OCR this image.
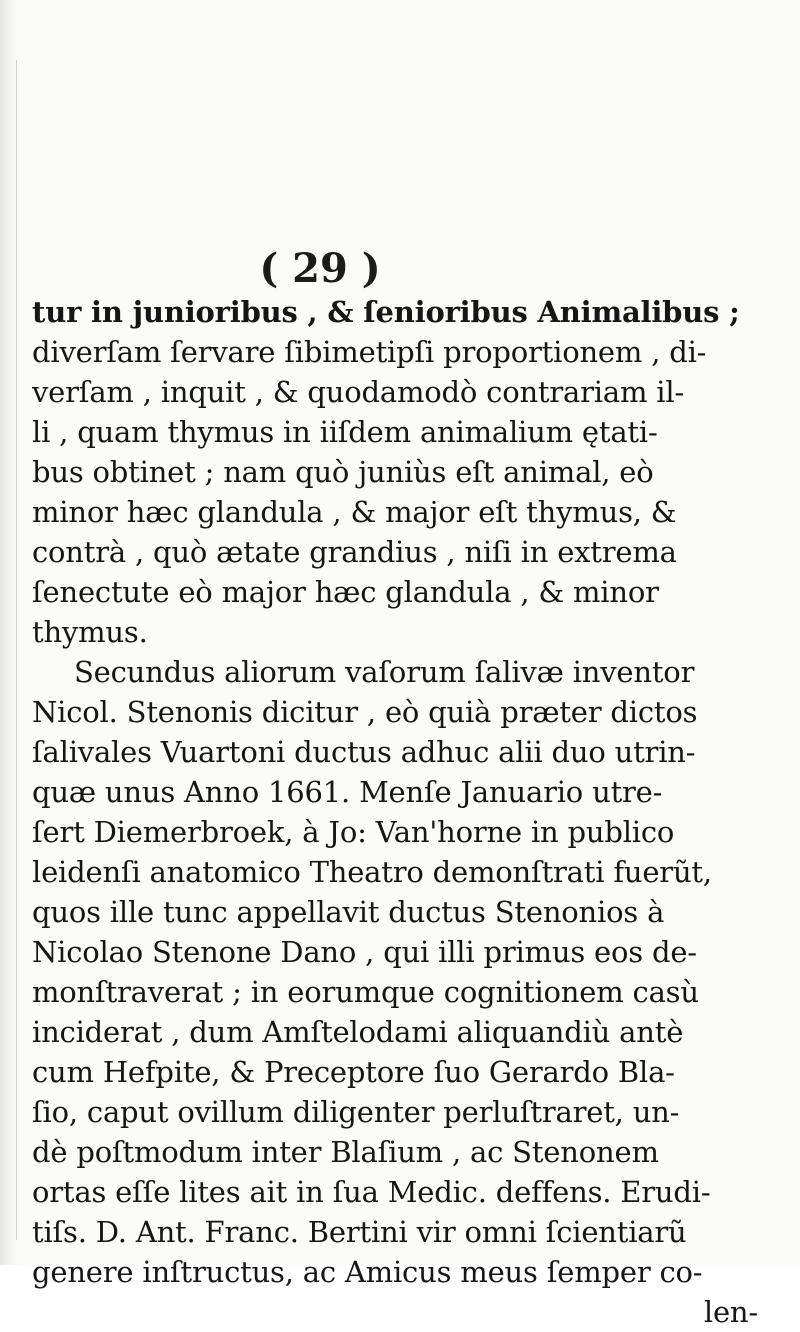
( 29 )
tur in junioribus , & ſenioribus Animalibus ;
diverſam ſervare ſibimetipſi proportionem , di-
verſam , inquit , & quodamodò contrariam il-
li , quam thymus in iiſdem animalium ętati-
bus obtinet ; nam quò juniùs eſt animal, eò
minor hæc glandula , & major eſt thymus, &
contrà , quò ætate grandius , niſi in extrema
ſenectute eò major hæc glandula , & minor
thymus.
Secundus aliorum vaſorum ſalivæ inventor
Nicol. Stenonis dicitur , eò quià præter dictos
ſalivales Vuartoni ductus adhuc alii duo utrin-
quæ unus Anno 1661. Menſe Januario utre-
ſert Diemerbroek, à Jo: Van'horne in publico
leidenſi anatomico Theatro demonſtrati fuerũt,
quos ille tunc appellavit ductus Stenonios à
Nicolao Stenone Dano , qui illi primus eos de-
monſtraverat ; in eorumque cognitionem casù
inciderat , dum Amſtelodami aliquandiù antè
cum Hefpite, & Preceptore ſuo Gerardo Bla-
ſio, caput ovillum diligenter perluſtraret, un-
dè poſtmodum inter Blaſium , ac Stenonem
ortas eſſe lites ait in ſua Medic. deffens. Erudi-
tiſs. D. Ant. Franc. Bertini vir omni ſcientiarũ
genere inſtructus, ac Amicus meus ſemper co-
len-
